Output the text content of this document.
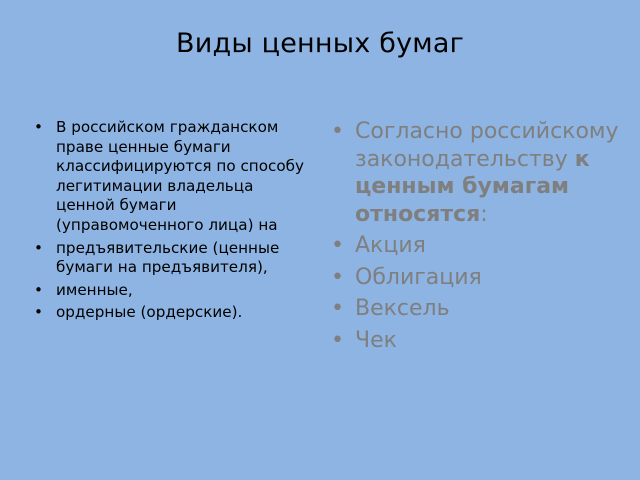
Виды ценных бумаг
• В российском гражданском праве ценные бумаги классифицируются по способу легитимации владельца ценной бумаги (управомоченного лица) на
• предъявительские (ценные бумаги на предъявителя),
• именные,
• ордерные (ордерские).
• Согласно российскому законодательству к ценным бумагам относятся:
• Акция
• Облигация
• Вексель
• Чек
